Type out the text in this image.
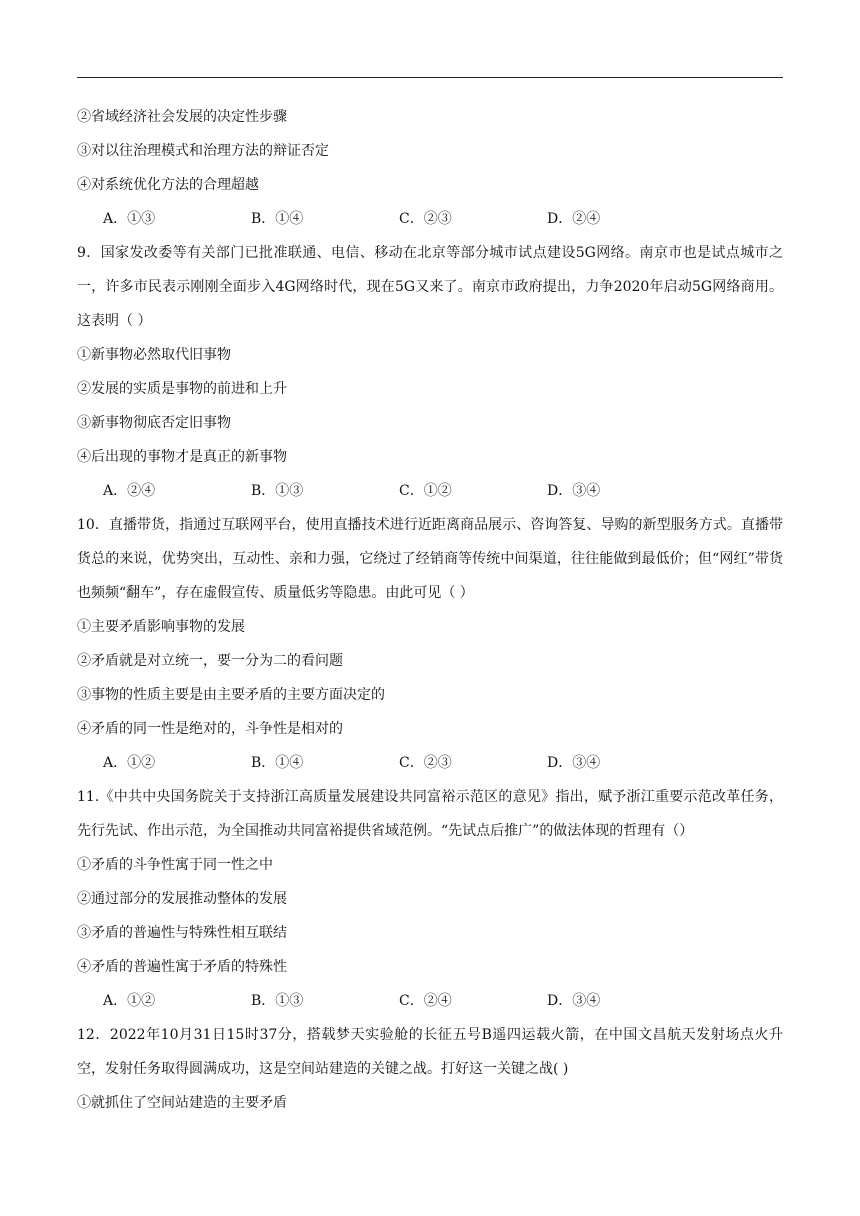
②省域经济社会发展的决定性步骤
③对以往治理模式和治理方法的辩证否定
④对系统优化方法的合理超越
A．①③	B．①④	C．②③	D．②④
9．国家发改委等有关部门已批准联通、电信、移动在北京等部分城市试点建设5G网络。南京市也是试点城市之一，许多市民表示刚刚全面步入4G网络时代，现在5G又来了。南京市政府提出，力争2020年启动5G网络商用。这表明（ ）
①新事物必然取代旧事物
②发展的实质是事物的前进和上升
③新事物彻底否定旧事物
④后出现的事物才是真正的新事物
A．②④	B．①③	C．①②	D．③④
10．直播带货，指通过互联网平台，使用直播技术进行近距离商品展示、咨询答复、导购的新型服务方式。直播带货总的来说，优势突出，互动性、亲和力强，它绕过了经销商等传统中间渠道，往往能做到最低价；但“网红”带货也频频“翻车”，存在虚假宣传、质量低劣等隐患。由此可见（ ）
①主要矛盾影响事物的发展
②矛盾就是对立统一，要一分为二的看问题
③事物的性质主要是由主要矛盾的主要方面决定的
④矛盾的同一性是绝对的，斗争性是相对的
A．①②	B．①④	C．②③	D．③④
11.《中共中央国务院关于支持浙江高质量发展建设共同富裕示范区的意见》指出，赋予浙江重要示范改革任务，先行先试、作出示范，为全国推动共同富裕提供省域范例。“先试点后推广”的做法体现的哲理有（）
①矛盾的斗争性寓于同一性之中
②通过部分的发展推动整体的发展
③矛盾的普遍性与特殊性相互联结
④矛盾的普遍性寓于矛盾的特殊性
A．①②	B．①③	C．②④	D．③④
12．2022年10月31日15时37分，搭载梦天实验舱的长征五号B遥四运载火箭，在中国文昌航天发射场点火升空，发射任务取得圆满成功，这是空间站建造的关键之战。打好这一关键之战( )
①就抓住了空间站建造的主要矛盾
